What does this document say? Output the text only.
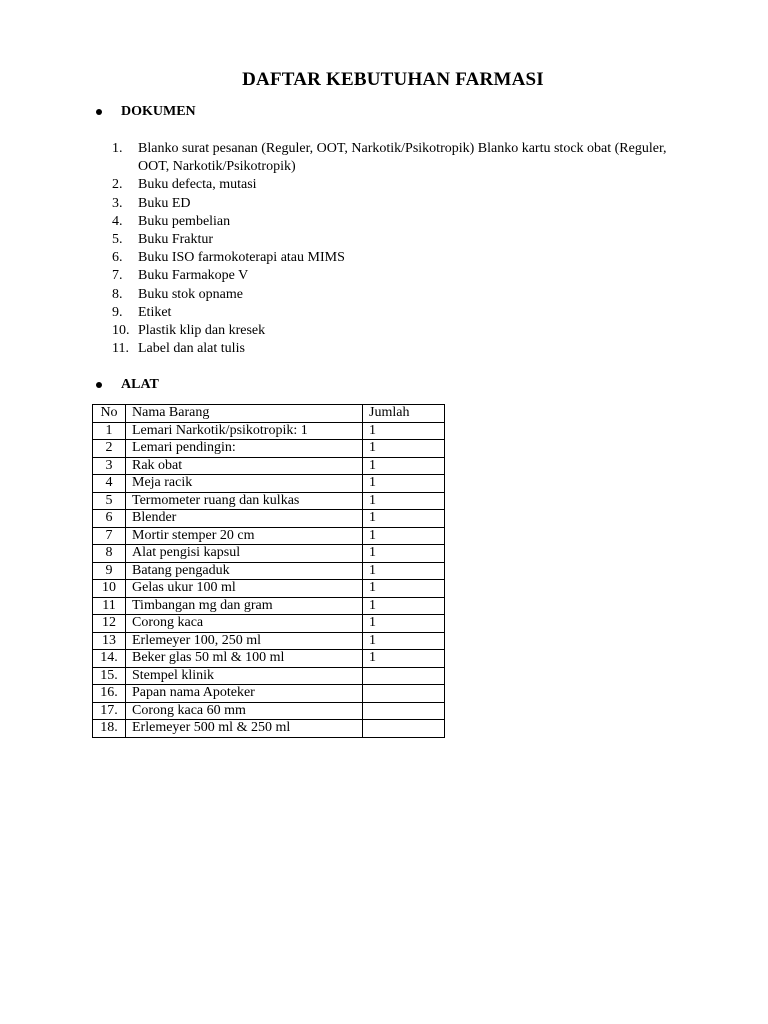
DAFTAR KEBUTUHAN FARMASI
DOKUMEN
1.	Blanko surat pesanan (Reguler, OOT, Narkotik/Psikotropik) Blanko kartu stock obat (Reguler, OOT, Narkotik/Psikotropik)
2.	Buku defecta, mutasi
3.	Buku ED
4.	Buku pembelian
5.	Buku Fraktur
6.	Buku ISO farmokoterapi atau MIMS
7.	Buku Farmakope V
8.	Buku stok opname
9.	Etiket
10. Plastik klip dan kresek
11. Label dan alat tulis
ALAT
No	Nama Barang	Jumlah
1	Lemari Narkotik/psikotropik: 1	1
2	Lemari pendingin:	1
3	Rak obat	1
4	Meja racik	1
5	Termometer ruang dan kulkas	1
6	Blender	1
7	Mortir stemper 20 cm	1
8	Alat pengisi kapsul	1
9	Batang pengaduk	1
10	Gelas ukur 100 ml	1
11	Timbangan mg dan gram	1
12	Corong kaca	1
13	Erlemeyer 100, 250 ml	1
14.	Beker glas 50 ml & 100 ml	1
15.	Stempel klinik	
16.	Papan nama Apoteker	
17.	Corong kaca 60 mm	
18.	Erlemeyer 500 ml & 250 ml	
